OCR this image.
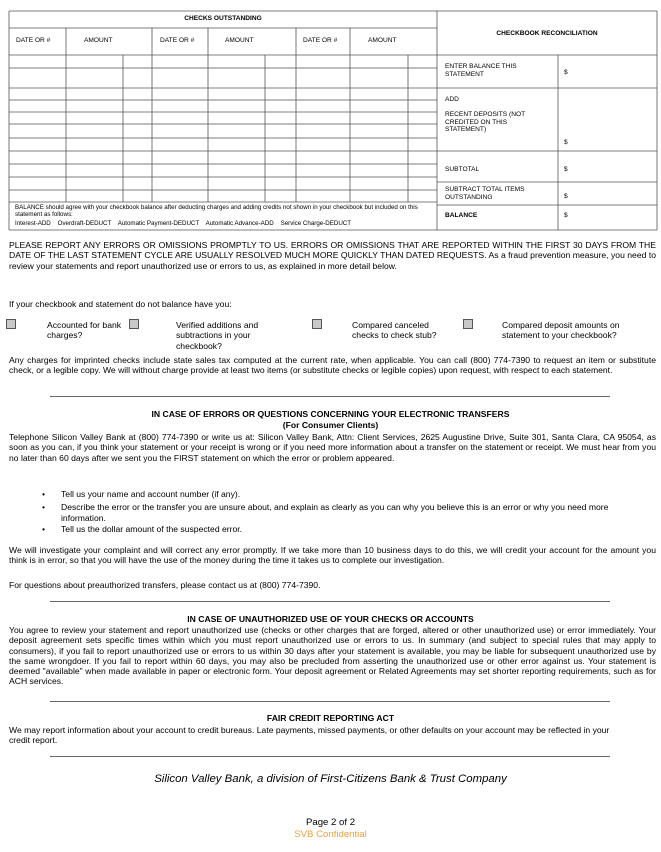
CHECKS OUTSTANDING
DATE OR #	AMOUNT	DATE OR #	AMOUNT	DATE OR #	AMOUNT
BALANCE should agree with your checkbook balance after deducting charges and adding credits not shown in your checkbook but included on this statement as follows:
Interest-ADD    Overdraft-DEDUCT    Automatic Payment-DEDUCT    Automatic Advance-ADD    Service Charge-DEDUCT
CHECKBOOK RECONCILIATION
ENTER BALANCE THIS STATEMENT	$
ADD
RECENT DEPOSITS (NOT CREDITED ON THIS STATEMENT)
$
SUBTOTAL	$
SUBTRACT TOTAL ITEMS OUTSTANDING	$
BALANCE	$
PLEASE REPORT ANY ERRORS OR OMISSIONS PROMPTLY TO US. ERRORS OR OMISSIONS THAT ARE REPORTED WITHIN THE FIRST 30 DAYS FROM THE DATE OF THE LAST STATEMENT CYCLE ARE USUALLY RESOLVED MUCH MORE QUICKLY THAN DATED REQUESTS. As a fraud prevention measure, you need to review your statements and report unauthorized use or errors to us, as explained in more detail below.
If your checkbook and statement do not balance have you:
Accounted for bank charges?
Verified additions and subtractions in your checkbook?
Compared canceled checks to check stub?
Compared deposit amounts on statement to your checkbook?
Any charges for imprinted checks include state sales tax computed at the current rate, when applicable. You can call (800) 774-7390 to request an item or substitute check, or a legible copy. We will without charge provide at least two items (or substitute checks or legible copies) upon request, with respect to each statement.
IN CASE OF ERRORS OR QUESTIONS CONCERNING YOUR ELECTRONIC TRANSFERS
(For Consumer Clients)
Telephone Silicon Valley Bank at (800) 774-7390 or write us at: Silicon Valley Bank, Attn: Client Services, 2625 Augustine Drive, Suite 301, Santa Clara, CA 95054, as soon as you can, if you think your statement or your receipt is wrong or if you need more information about a transfer on the statement or receipt. We must hear from you no later than 60 days after we sent you the FIRST statement on which the error or problem appeared.
• Tell us your name and account number (if any).
• Describe the error or the transfer you are unsure about, and explain as clearly as you can why you believe this is an error or why you need more information.
• Tell us the dollar amount of the suspected error.
We will investigate your complaint and will correct any error promptly. If we take more than 10 business days to do this, we will credit your account for the amount you think is in error, so that you will have the use of the money during the time it takes us to complete our investigation.
For questions about preauthorized transfers, please contact us at (800) 774-7390.
IN CASE OF UNAUTHORIZED USE OF YOUR CHECKS OR ACCOUNTS
You agree to review your statement and report unauthorized use (checks or other charges that are forged, altered or other unauthorized use) or error immediately. Your deposit agreement sets specific times within which you must report unauthorized use or errors to us. In summary (and subject to special rules that may apply to consumers), if you fail to report unauthorized use or errors to us within 30 days after your statement is available, you may be liable for subsequent unauthorized use by the same wrongdoer. If you fail to report within 60 days, you may also be precluded from asserting the unauthorized use or other error against us. Your statement is deemed "available" when made available in paper or electronic form. Your deposit agreement or Related Agreements may set shorter reporting requirements, such as for ACH services.
FAIR CREDIT REPORTING ACT
We may report information about your account to credit bureaus. Late payments, missed payments, or other defaults on your account may be reflected in your credit report.
Silicon Valley Bank, a division of First-Citizens Bank & Trust Company
Page 2 of 2
SVB Confidential
